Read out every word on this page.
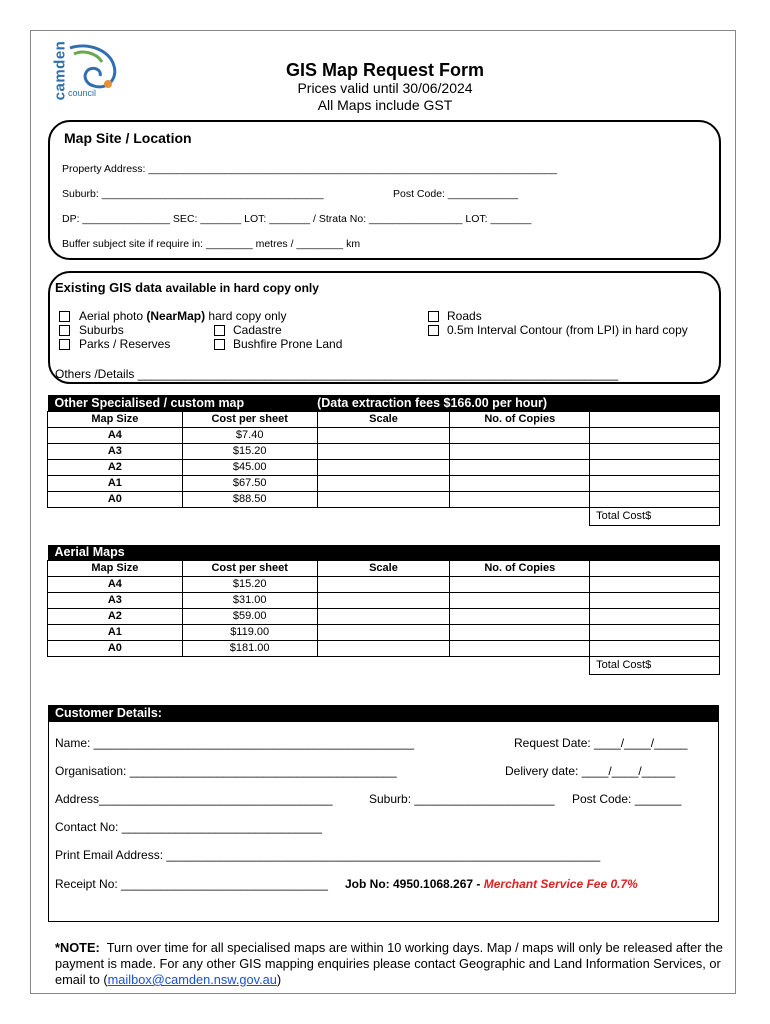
camden council
GIS Map Request Form
Prices valid until 30/06/2024
All Maps include GST
Map Site / Location
Property Address: ______________________________________________________________________
Suburb: ______________________________________	Post Code: ____________
DP: _______________ SEC: _______ LOT: _______ / Strata No: ________________ LOT: _______
Buffer subject site if require in: ________ metres / ________ km
Existing GIS data available in hard copy only
Aerial photo (NearMap) hard copy only
Suburbs
Parks / Reserves
Cadastre
Bushfire Prone Land
Roads
0.5m Interval Contour (from LPI) in hard copy
Others /Details ________________________________________________________________________
Other Specialised / custom map		(Data extraction fees $166.00 per hour)		
Map Size	Cost per sheet	Scale	No. of Copies	
A4	$7.40			
A3	$15.20			
A2	$45.00			
A1	$67.50			
A0	$88.50			
				Total Cost$
Aerial Maps				
Map Size	Cost per sheet	Scale	No. of Copies	
A4	$15.20			
A3	$31.00			
A2	$59.00			
A1	$119.00			
A0	$181.00			
				Total Cost$
Customer Details:
Name: ________________________________________________	Request Date: ____/____/_____
Organisation: ________________________________________	Delivery date: ____/____/_____
Address___________________________________	Suburb: _____________________ Post Code: _______
Contact No: ______________________________
Print Email Address: _________________________________________________________________
Receipt No: _______________________________ Job No: 4950.1068.267 - Merchant Service Fee 0.7%
*NOTE: Turn over time for all specialised maps are within 10 working days. Map / maps will only be released after the payment is made. For any other GIS mapping enquiries please contact Geographic and Land Information Services, or email to (mailbox@camden.nsw.gov.au)
